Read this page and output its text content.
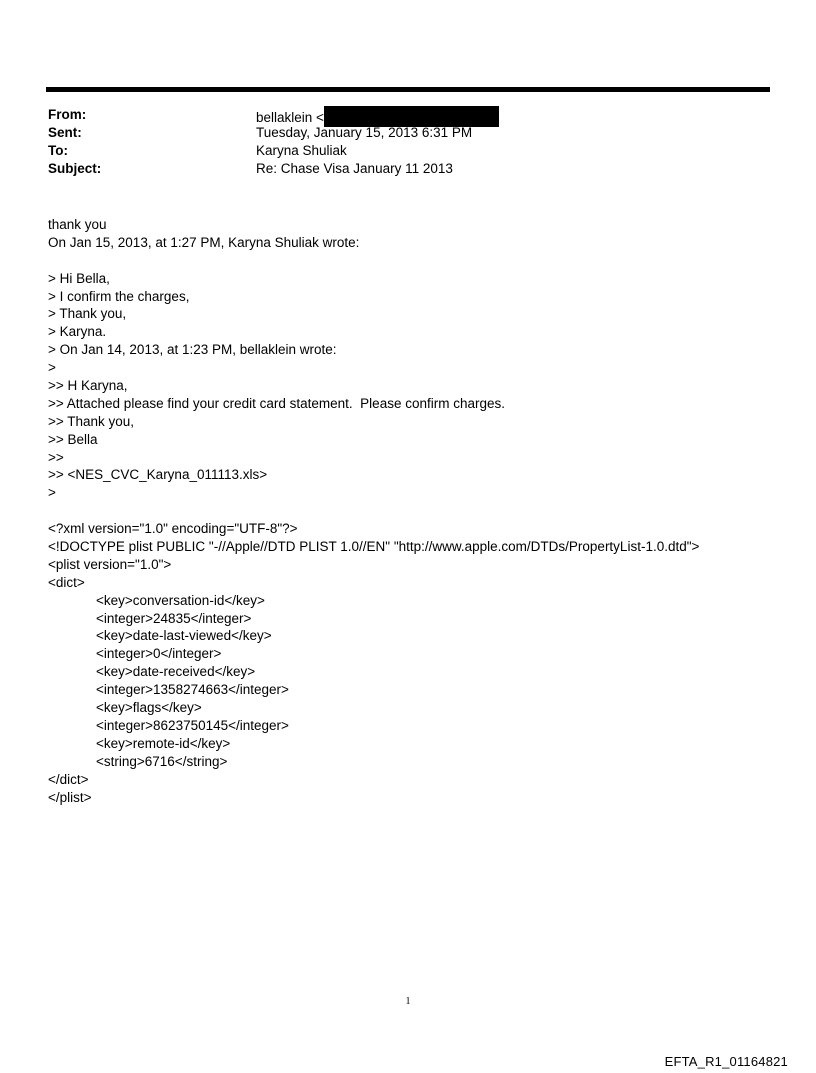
From:	bellaklein <
Sent:	Tuesday, January 15, 2013 6:31 PM
To:	Karyna Shuliak
Subject:	Re: Chase Visa January 11 2013
thank you
On Jan 15, 2013, at 1:27 PM, Karyna Shuliak wrote:
> Hi Bella,
> I confirm the charges,
> Thank you,
> Karyna.
> On Jan 14, 2013, at 1:23 PM, bellaklein wrote:
>
>> H Karyna,
>> Attached please find your credit card statement.  Please confirm charges.
>> Thank you,
>> Bella
>>
>> <NES_CVC_Karyna_011113.xls>
>
<?xml version="1.0" encoding="UTF-8"?>
<!DOCTYPE plist PUBLIC "-//Apple//DTD PLIST 1.0//EN" "http://www.apple.com/DTDs/PropertyList-1.0.dtd">
<plist version="1.0">
<dict>
<key>conversation-id</key>
<integer>24835</integer>
<key>date-last-viewed</key>
<integer>0</integer>
<key>date-received</key>
<integer>1358274663</integer>
<key>flags</key>
<integer>8623750145</integer>
<key>remote-id</key>
<string>6716</string>
</dict>
</plist>
1
EFTA_R1_01164821
